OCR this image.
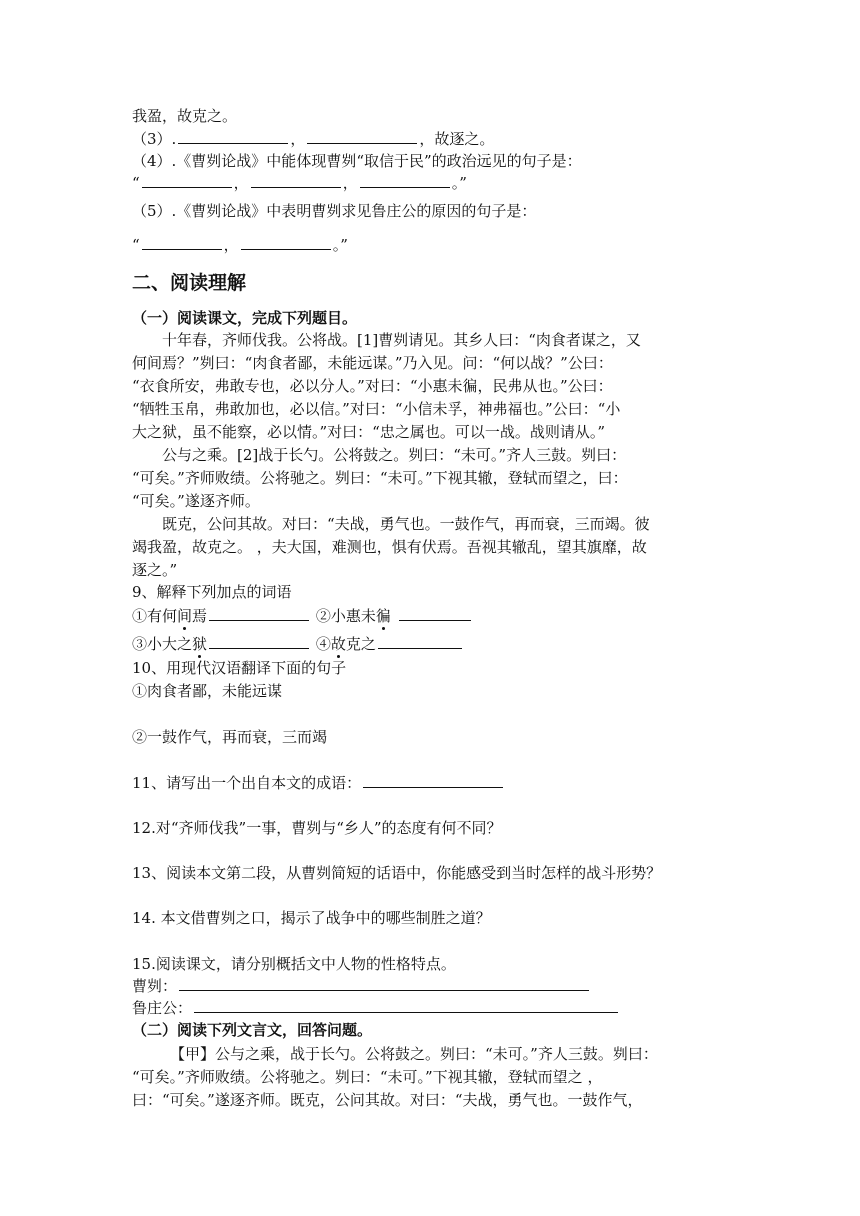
我盈，故克之。
（3）.	，	，故逐之。
（4）.《曹刿论战》中能体现曹刿“取信于民”的政治远见的句子是：
“	，	，	。”
（5）.《曹刿论战》中表明曹刿求见鲁庄公的原因的句子是：
“	，	。”
二、阅读理解
（一）阅读课文，完成下列题目。
十年春，齐师伐我。公将战。[1]曹刿请见。其乡人曰：“肉食者谋之，又
何间焉？”刿曰：“肉食者鄙，未能远谋。”乃入见。问：“何以战？”公曰：
“衣食所安，弗敢专也，必以分人。”对曰：“小惠未徧，民弗从也。”公曰：
“牺牲玉帛，弗敢加也，必以信。”对曰：“小信未孚，神弗福也。”公曰：“小
大之狱，虽不能察，必以情。”对曰：“忠之属也。可以一战。战则请从。”
公与之乘。[2]战于长勺。公将鼓之。刿曰：“未可。”齐人三鼓。刿曰：
“可矣。”齐师败绩。公将驰之。刿曰：“未可。”下视其辙，登轼而望之，曰：
“可矣。”遂逐齐师。
既克，公问其故。对曰：“夫战，勇气也。一鼓作气，再而衰，三而竭。彼
竭我盈，故克之。 ，夫大国，难测也，惧有伏焉。吾视其辙乱，望其旗靡，故
逐之。”
9、解释下列加点的词语
①有何间焉	②小惠未徧
③小大之狱	④故克之
10、用现代汉语翻译下面的句子
①肉食者鄙，未能远谋
②一鼓作气，再而衰，三而竭
11、请写出一个出自本文的成语：
12.对“齐师伐我”一事，曹刿与“乡人”的态度有何不同？
13、阅读本文第二段，从曹刿简短的话语中，你能感受到当时怎样的战斗形势？
14. 本文借曹刿之口，揭示了战争中的哪些制胜之道？
15.阅读课文，请分别概括文中人物的性格特点。
曹刿：
鲁庄公：
（二）阅读下列文言文，回答问题。
【甲】公与之乘，战于长勺。公将鼓之。刿曰：“未可。”齐人三鼓。刿曰：
“可矣。”齐师败绩。公将驰之。刿曰：“未可。”下视其辙，登轼而望之 ，
曰：“可矣。”遂逐齐师。既克，公问其故。对曰：“夫战，勇气也。一鼓作气，
